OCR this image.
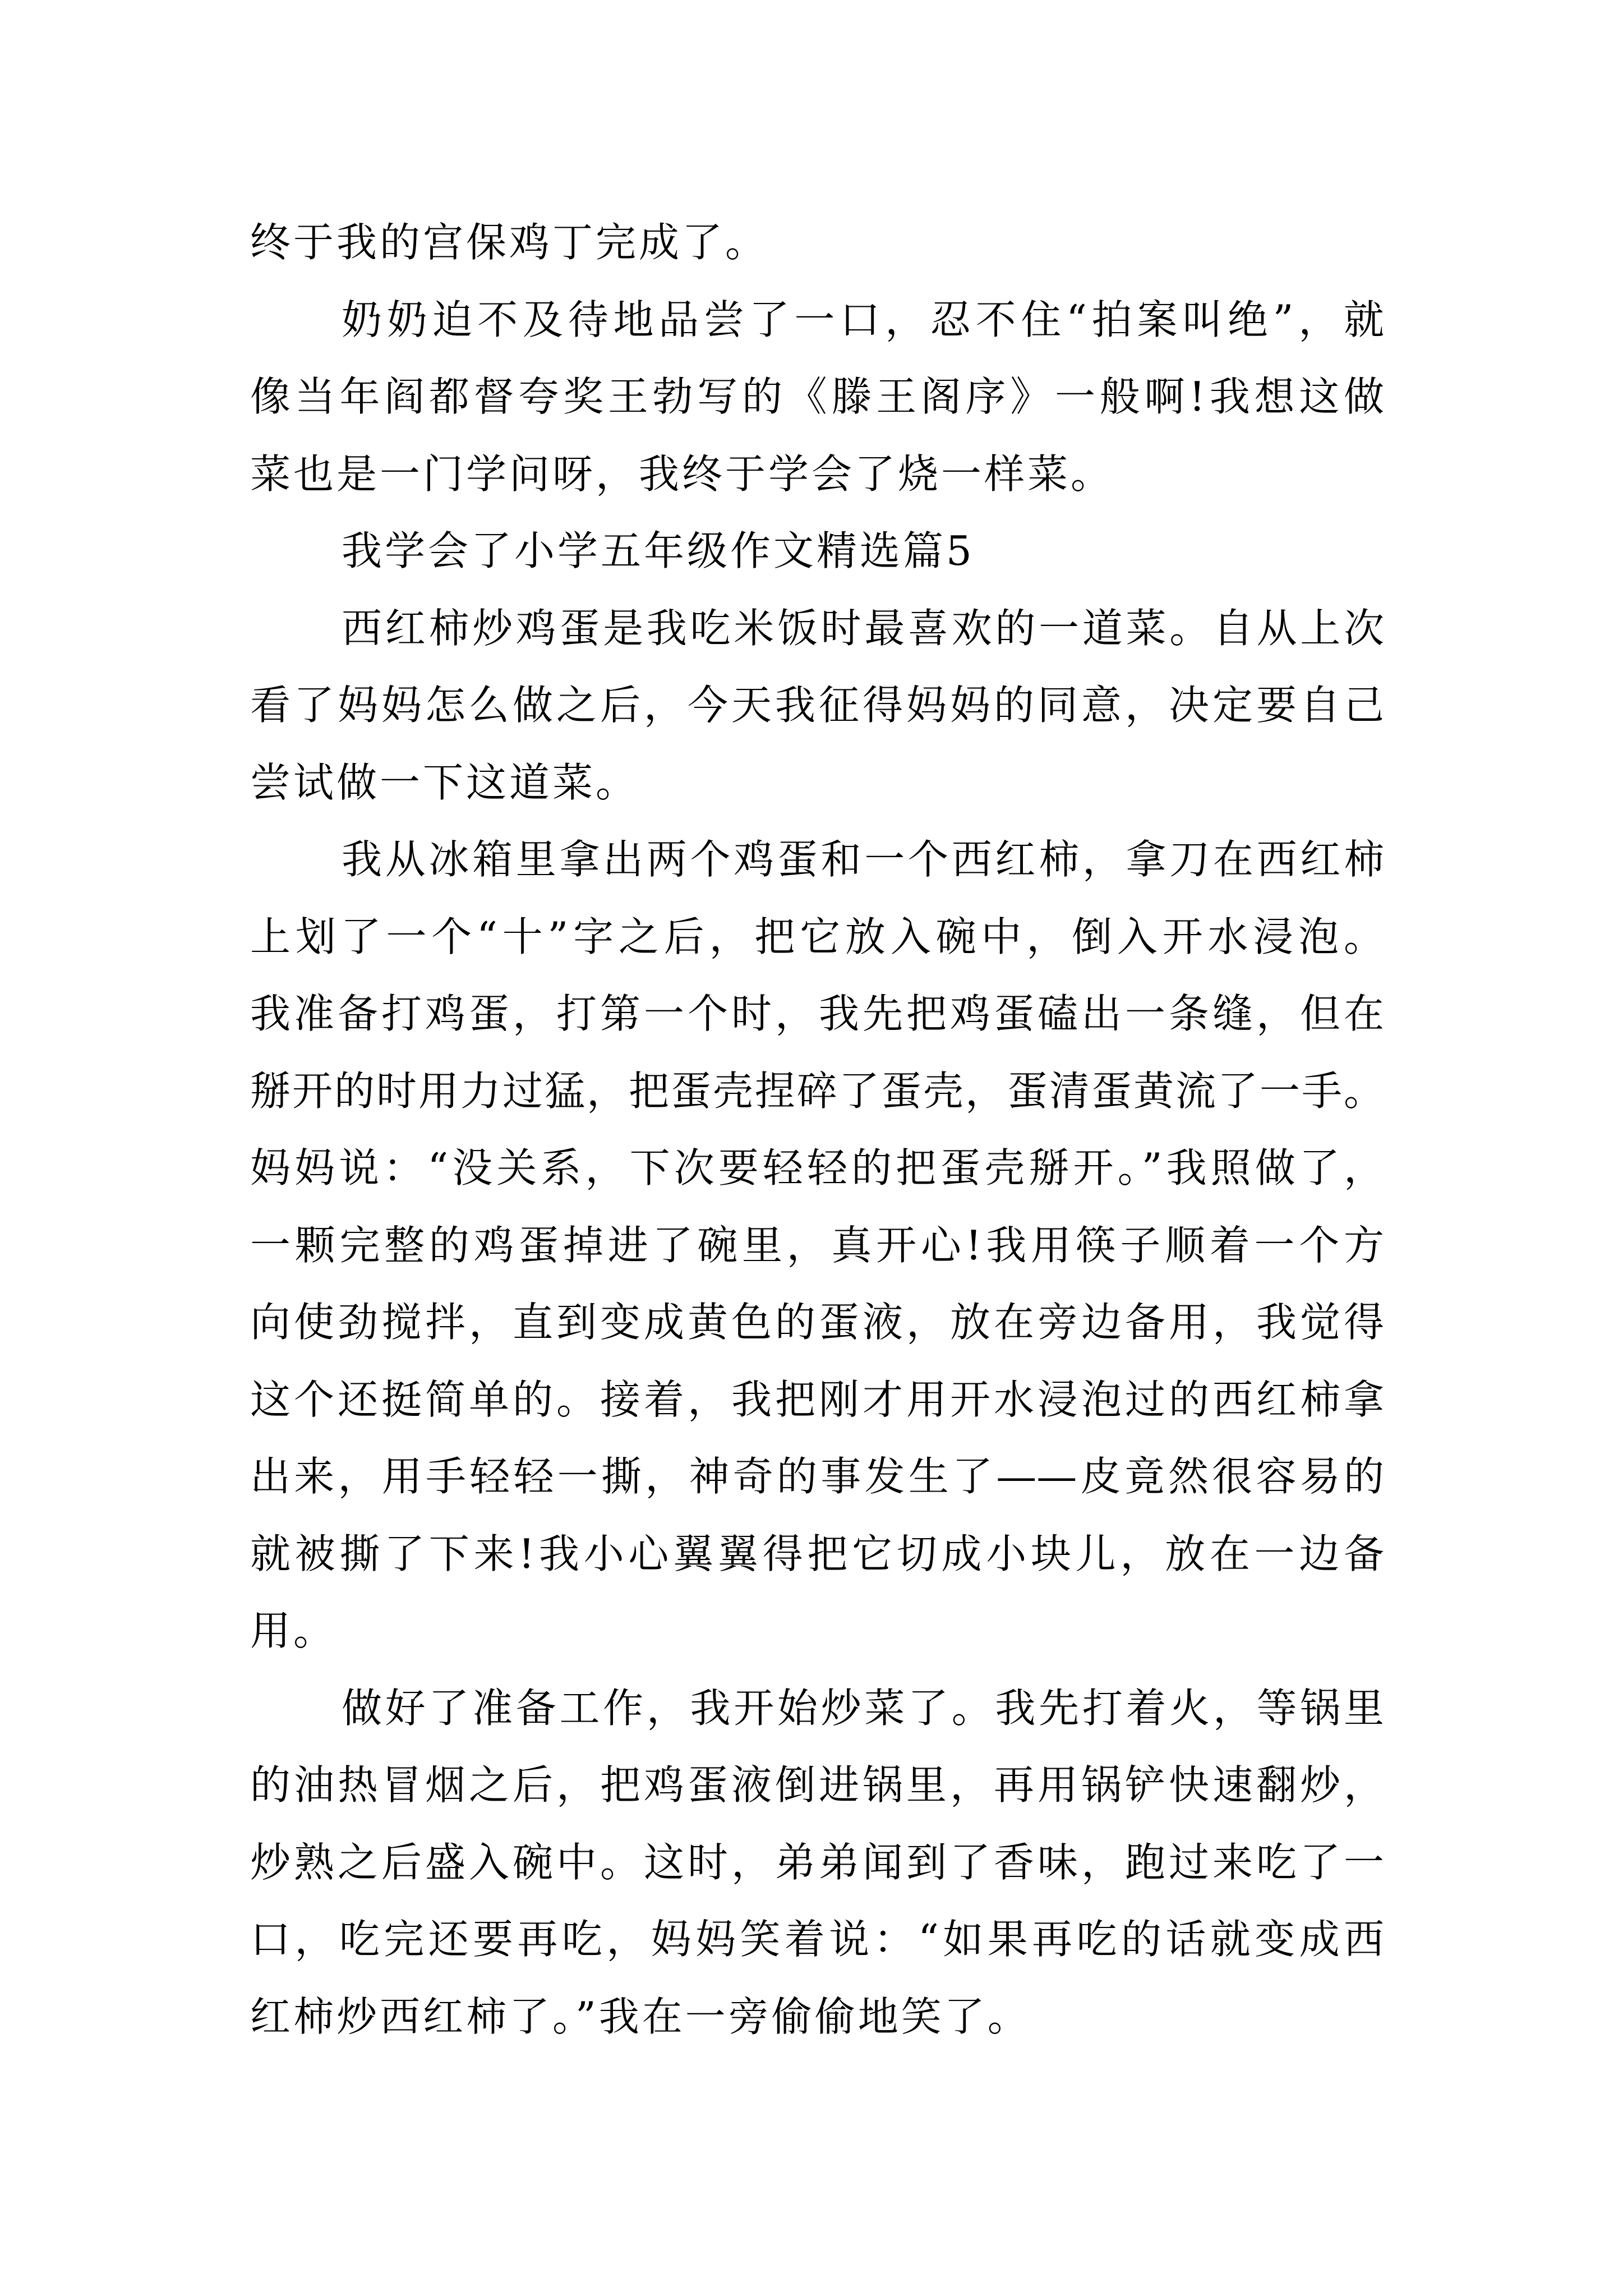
终于我的宫保鸡丁完成了。
奶奶迫不及待地品尝了一口，忍不住“拍案叫绝”，就
像当年阎都督夸奖王勃写的《滕王阁序》一般啊!我想这做
菜也是一门学问呀，我终于学会了烧一样菜。
我学会了小学五年级作文精选篇5
西红柿炒鸡蛋是我吃米饭时最喜欢的一道菜。自从上次
看了妈妈怎么做之后，今天我征得妈妈的同意，决定要自己
尝试做一下这道菜。
我从冰箱里拿出两个鸡蛋和一个西红柿，拿刀在西红柿
上划了一个“十”字之后，把它放入碗中，倒入开水浸泡。
我准备打鸡蛋，打第一个时，我先把鸡蛋磕出一条缝，但在
掰开的时用力过猛，把蛋壳捏碎了蛋壳，蛋清蛋黄流了一手。
妈妈说：“没关系，下次要轻轻的把蛋壳掰开。”我照做了，
一颗完整的鸡蛋掉进了碗里，真开心!我用筷子顺着一个方
向使劲搅拌，直到变成黄色的蛋液，放在旁边备用，我觉得
这个还挺简单的。接着，我把刚才用开水浸泡过的西红柿拿
出来，用手轻轻一撕，神奇的事发生了——皮竟然很容易的
就被撕了下来!我小心翼翼得把它切成小块儿，放在一边备
用。
做好了准备工作，我开始炒菜了。我先打着火，等锅里
的油热冒烟之后，把鸡蛋液倒进锅里，再用锅铲快速翻炒，
炒熟之后盛入碗中。这时，弟弟闻到了香味，跑过来吃了一
口，吃完还要再吃，妈妈笑着说：“如果再吃的话就变成西
红柿炒西红柿了。”我在一旁偷偷地笑了。
